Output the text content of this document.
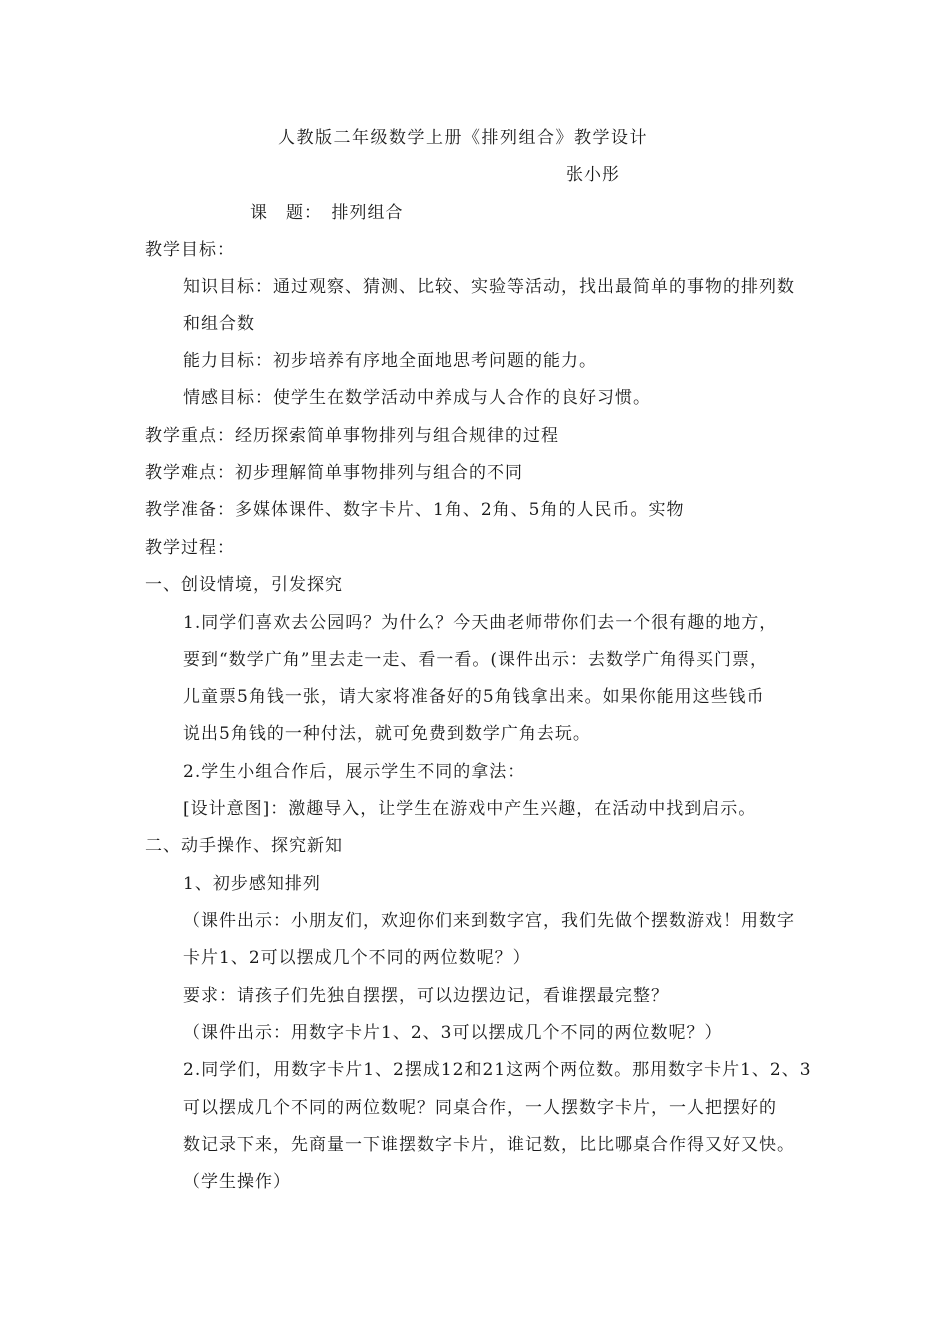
人教版二年级数学上册《排列组合》教学设计
张小彤
课　题：　排列组合
教学目标：
知识目标：通过观察、猜测、比较、实验等活动，找出最简单的事物的排列数
和组合数
能力目标：初步培养有序地全面地思考问题的能力。
情感目标：使学生在数学活动中养成与人合作的良好习惯。
教学重点：经历探索简单事物排列与组合规律的过程
教学难点：初步理解简单事物排列与组合的不同
教学准备：多媒体课件、数字卡片、1角、2角、5角的人民币。实物
教学过程：
一、创设情境，引发探究
1.同学们喜欢去公园吗？为什么？今天曲老师带你们去一个很有趣的地方，
要到“数学广角”里去走一走、看一看。(课件出示：去数学广角得买门票，
儿童票5角钱一张，请大家将准备好的5角钱拿出来。如果你能用这些钱币
说出5角钱的一种付法，就可免费到数学广角去玩。
2.学生小组合作后，展示学生不同的拿法：
[设计意图]：激趣导入，让学生在游戏中产生兴趣，在活动中找到启示。
二、动手操作、探究新知
1、初步感知排列
（课件出示：小朋友们，欢迎你们来到数字宫，我们先做个摆数游戏！用数字
卡片1、2可以摆成几个不同的两位数呢？）
要求：请孩子们先独自摆摆，可以边摆边记，看谁摆最完整？
（课件出示：用数字卡片1、2、3可以摆成几个不同的两位数呢？）
2.同学们，用数字卡片1、2摆成12和21这两个两位数。那用数字卡片1、2、3
可以摆成几个不同的两位数呢？同桌合作，一人摆数字卡片，一人把摆好的
数记录下来，先商量一下谁摆数字卡片，谁记数，比比哪桌合作得又好又快。
（学生操作）
